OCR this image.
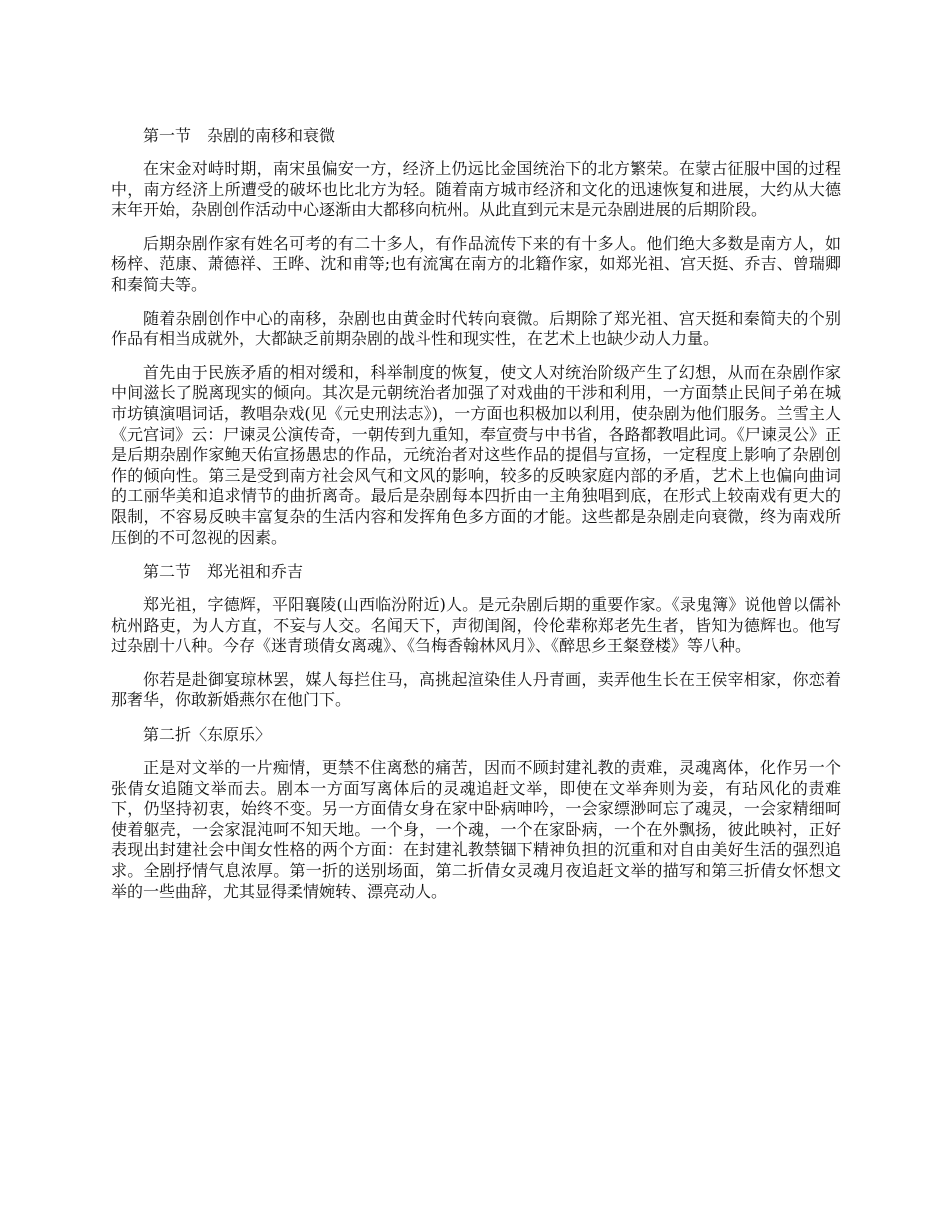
第一节　杂剧的南移和衰微

在宋金对峙时期，南宋虽偏安一方，经济上仍远比金国统治下的北方繁荣。在蒙古征服中国的过程中，南方经济上所遭受的破坏也比北方为轻。随着南方城市经济和文化的迅速恢复和进展，大约从大德末年开始，杂剧创作活动中心逐渐由大都移向杭州。从此直到元末是元杂剧进展的后期阶段。

后期杂剧作家有姓名可考的有二十多人，有作品流传下来的有十多人。他们绝大多数是南方人，如杨梓、范康、萧德祥、王晔、沈和甫等;也有流寓在南方的北籍作家，如郑光祖、宫天挺、乔吉、曾瑞卿和秦简夫等。

随着杂剧创作中心的南移，杂剧也由黄金时代转向衰微。后期除了郑光祖、宫天挺和秦简夫的个别作品有相当成就外，大都缺乏前期杂剧的战斗性和现实性，在艺术上也缺少动人力量。

首先由于民族矛盾的相对缓和，科举制度的恢复，使文人对统治阶级产生了幻想，从而在杂剧作家中间滋长了脱离现实的倾向。其次是元朝统治者加强了对戏曲的干涉和利用，一方面禁止民间子弟在城市坊镇演唱词话，教唱杂戏(见《元史刑法志》)，一方面也积极加以利用，使杂剧为他们服务。兰雪主人《元宫词》云：尸谏灵公演传奇，一朝传到九重知，奉宣赍与中书省，各路都教唱此词。《尸谏灵公》正是后期杂剧作家鲍天佑宣扬愚忠的作品，元统治者对这些作品的提倡与宣扬，一定程度上影响了杂剧创作的倾向性。第三是受到南方社会风气和文风的影响，较多的反映家庭内部的矛盾，艺术上也偏向曲词的工丽华美和追求情节的曲折离奇。最后是杂剧每本四折由一主角独唱到底，在形式上较南戏有更大的限制，不容易反映丰富复杂的生活内容和发挥角色多方面的才能。这些都是杂剧走向衰微，终为南戏所压倒的不可忽视的因素。

第二节　郑光祖和乔吉

郑光祖，字德辉，平阳襄陵(山西临汾附近)人。是元杂剧后期的重要作家。《录鬼簿》说他曾以儒补杭州路吏，为人方直，不妄与人交。名闻天下，声彻闺阁，伶伦辈称郑老先生者，皆知为德辉也。他写过杂剧十八种。今存《迷青琐倩女离魂》、《刍梅香翰林风月》、《醉思乡王粲登楼》等八种。

你若是赴御宴琼林罢，媒人每拦住马，高挑起渲染佳人丹青画，卖弄他生长在王侯宰相家，你恋着那奢华，你敢新婚燕尔在他门下。

第二折〈东原乐〉

正是对文举的一片痴情，更禁不住离愁的痛苦，因而不顾封建礼教的责难，灵魂离体，化作另一个张倩女追随文举而去。剧本一方面写离体后的灵魂追赶文举，即使在文举奔则为妾，有玷风化的责难下，仍坚持初衷，始终不变。另一方面倩女身在家中卧病呻吟，一会家缥渺呵忘了魂灵，一会家精细呵使着躯壳，一会家混沌呵不知天地。一个身，一个魂，一个在家卧病，一个在外飘扬，彼此映衬，正好表现出封建社会中闺女性格的两个方面：在封建礼教禁锢下精神负担的沉重和对自由美好生活的强烈追求。全剧抒情气息浓厚。第一折的送别场面，第二折倩女灵魂月夜追赶文举的描写和第三折倩女怀想文举的一些曲辞，尤其显得柔情婉转、漂亮动人。
